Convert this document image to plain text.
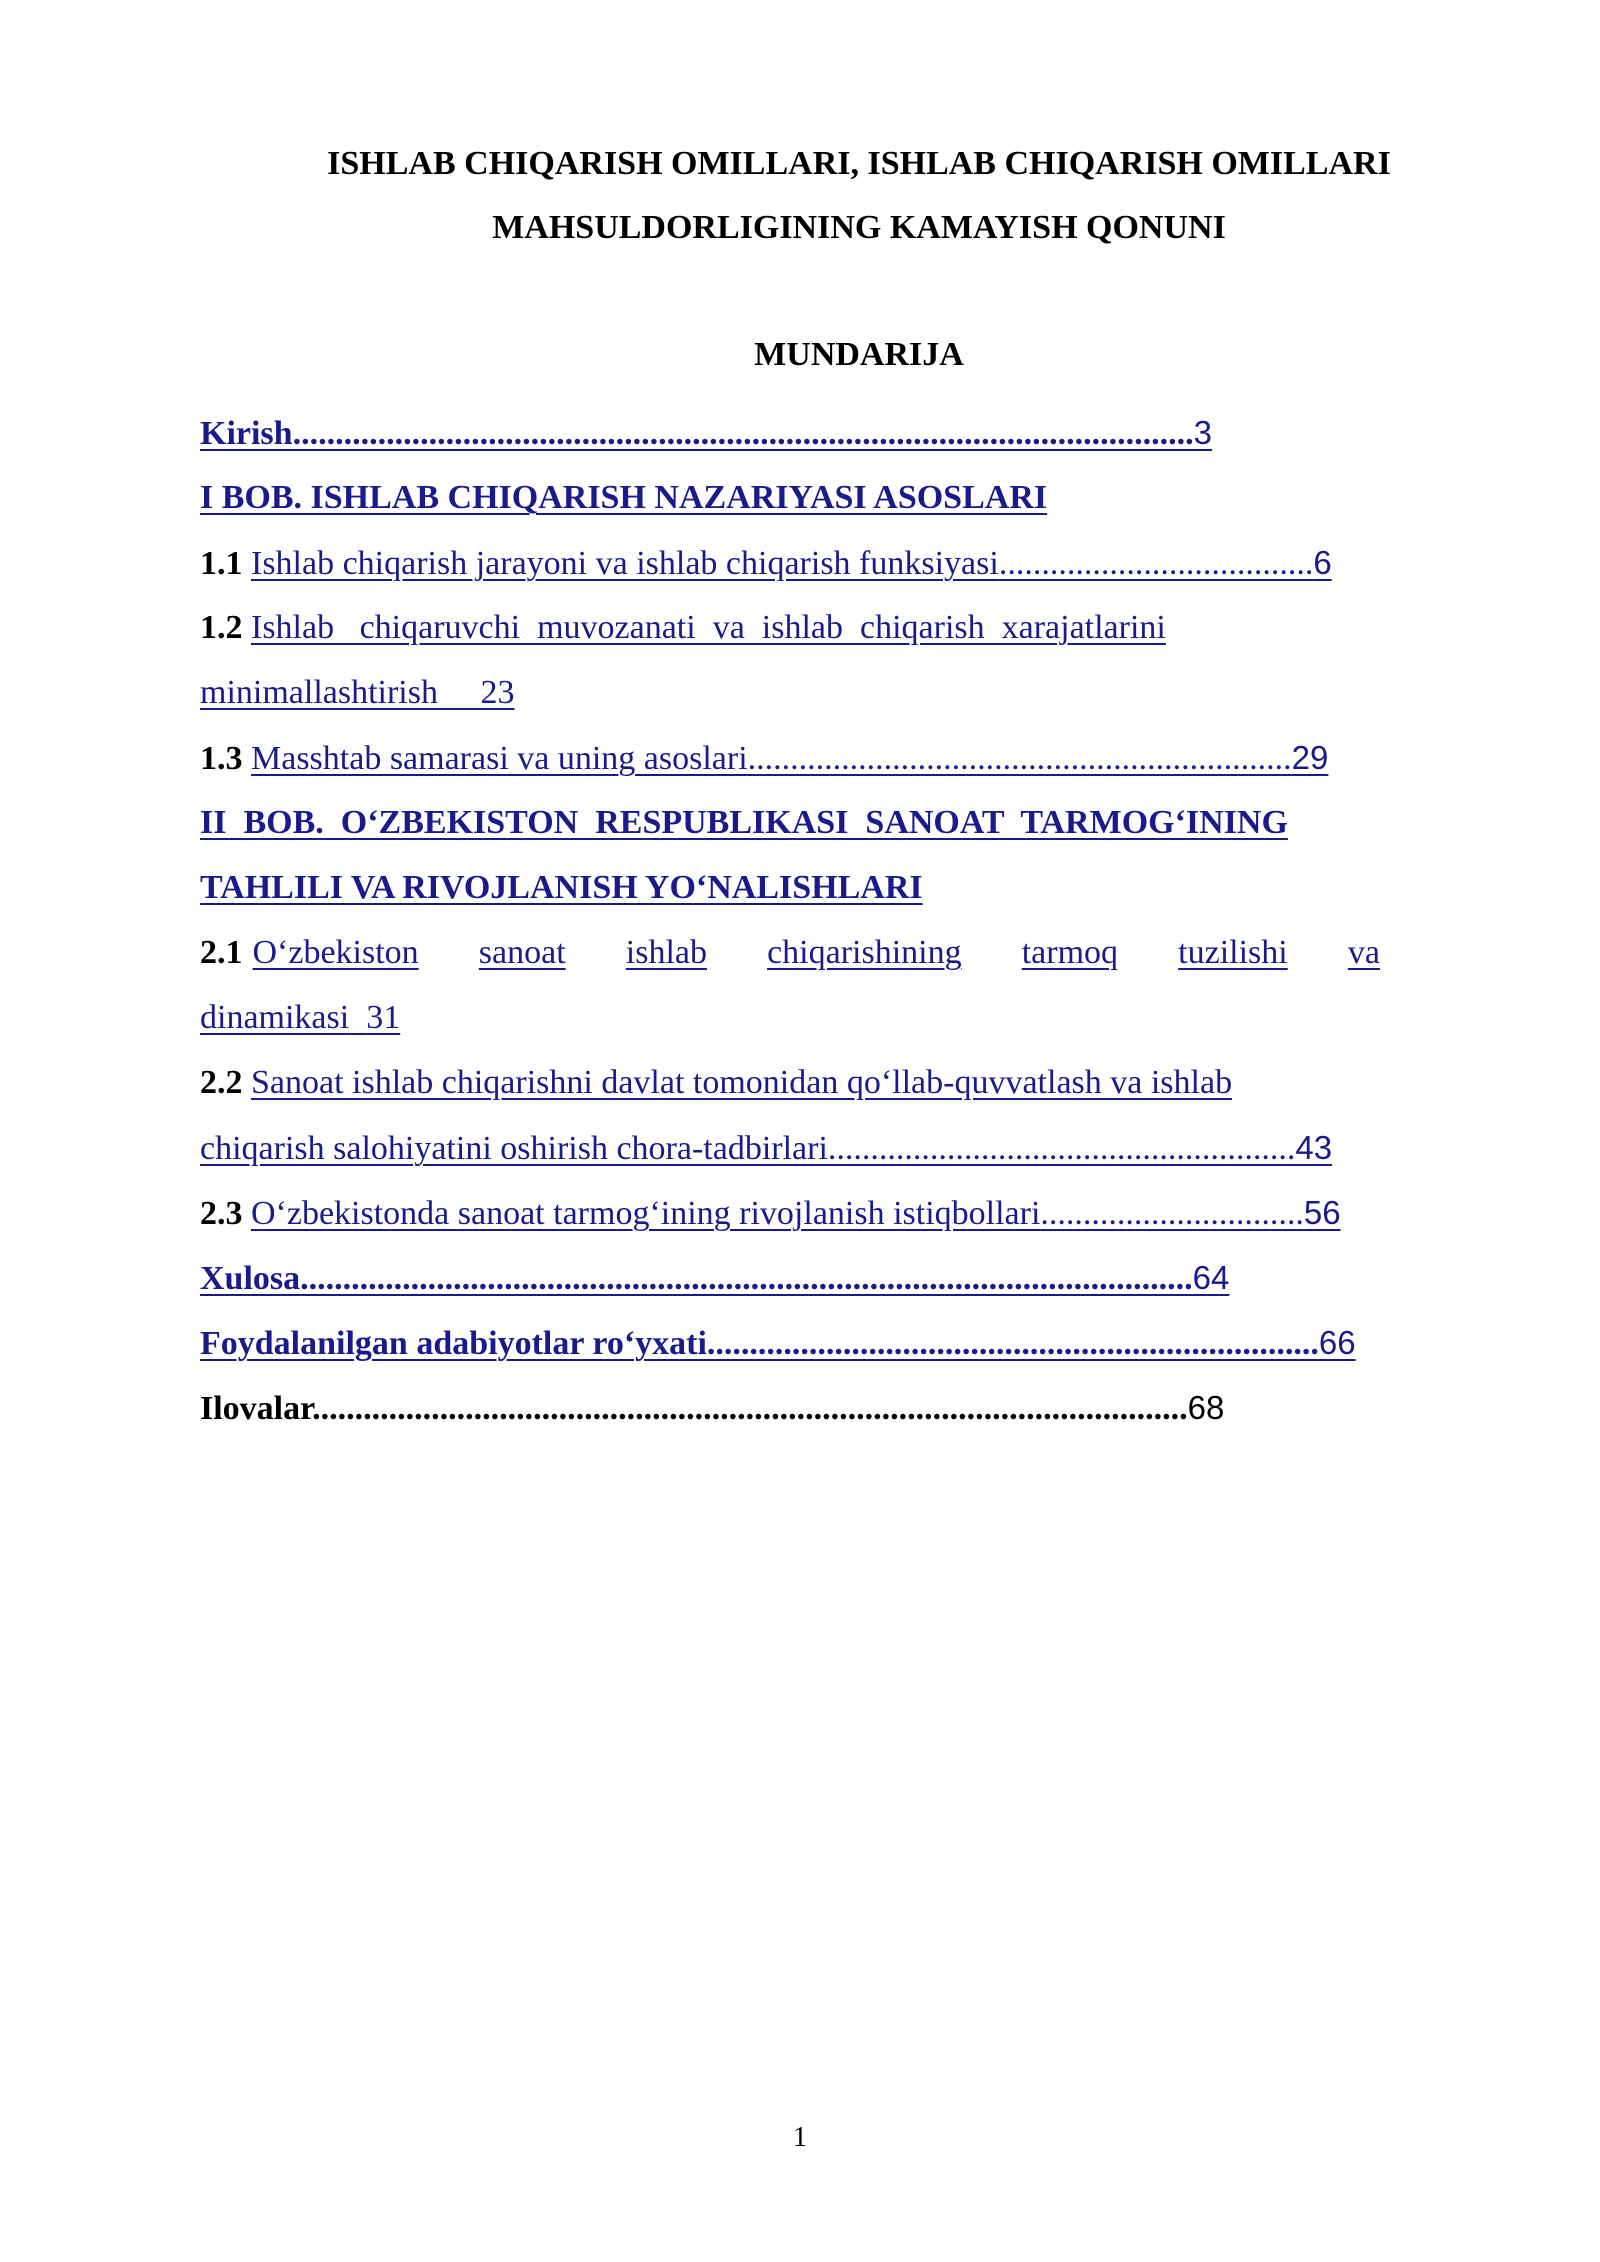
ISHLAB CHIQARISH OMILLARI, ISHLAB CHIQARISH OMILLARI
MAHSULDORLIGINING KAMAYISH QONUNI
MUNDARIJA
Kirish..........................................................................................................3
I BOB. ISHLAB CHIQARISH NAZARIYASI ASOSLARI
1.1 Ishlab chiqarish jarayoni va ishlab chiqarish funksiyasi.....................................6
1.2 Ishlab   chiqaruvchi  muvozanati  va  ishlab  chiqarish  xarajatlarini
minimallashtirish 23
1.3 Masshtab samarasi va uning asoslari................................................................29
II  BOB.  O‘ZBEKISTON  RESPUBLIKASI  SANOAT  TARMOG‘INING
TAHLILI VA RIVOJLANISH YO‘NALISHLARI
2.1 O‘zbekiston sanoat ishlab chiqarishining tarmoq tuzilishi va
dinamikasi 31
2.2 Sanoat ishlab chiqarishni davlat tomonidan qo‘llab-quvvatlash va ishlab
chiqarish salohiyatini oshirish chora-tadbirlari.......................................................43
2.3 O‘zbekistonda sanoat tarmog‘ining rivojlanish istiqbollari...............................56
Xulosa.........................................................................................................64
Foydalanilgan adabiyotlar ro‘yxati........................................................................66
Ilovalar.......................................................................................................68
1
